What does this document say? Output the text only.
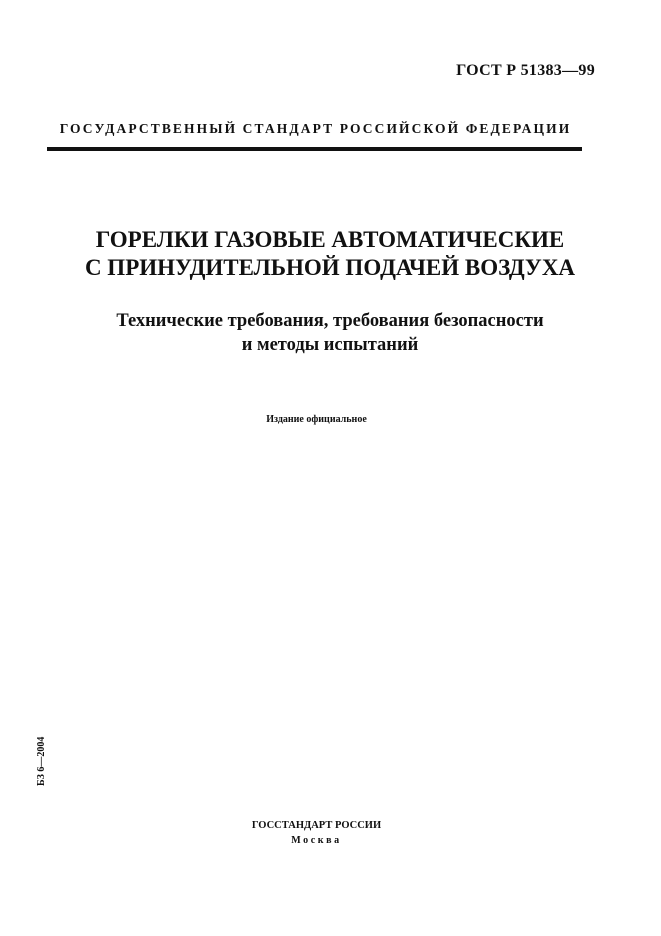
ГОСТ Р 51383—99
ГОСУДАРСТВЕННЫЙ СТАНДАРТ РОССИЙСКОЙ ФЕДЕРАЦИИ
ГОРЕЛКИ ГАЗОВЫЕ АВТОМАТИЧЕСКИЕ
С ПРИНУДИТЕЛЬНОЙ ПОДАЧЕЙ ВОЗДУХА
Технические требования, требования безопасности
и методы испытаний
Издание официальное
БЗ 6—2004
ГОССТАНДАРТ РОССИИ
Москва
